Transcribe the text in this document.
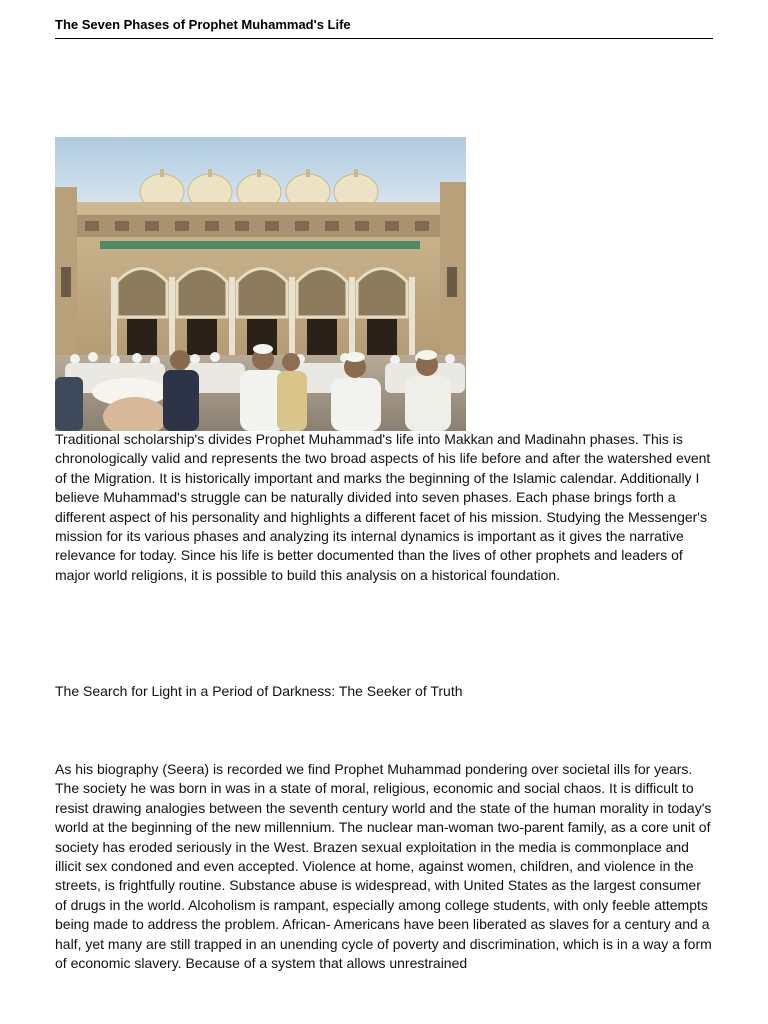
The Seven Phases of Prophet Muhammad's Life

Traditional scholarship's divides Prophet Muhammad's life into Makkan and Madinahn phases. This is chronologically valid and represents the two broad aspects of his life before and after the watershed event of the Migration. It is historically important and marks the beginning of the Islamic calendar. Additionally I believe Muhammad's struggle can be naturally divided into seven phases. Each phase brings forth a different aspect of his personality and highlights a different facet of his mission. Studying the Messenger's mission for its various phases and analyzing its internal dynamics is important as it gives the narrative relevance for today. Since his life is better documented than the lives of other prophets and leaders of major world religions, it is possible to build this analysis on a historical foundation.

The Search for Light in a Period of Darkness: The Seeker of Truth

As his biography (Seera) is recorded we find Prophet Muhammad pondering over societal ills for years. The society he was born in was in a state of moral, religious, economic and social chaos. It is difficult to resist drawing analogies between the seventh century world and the state of the human morality in today's world at the beginning of the new millennium. The nuclear man-woman two-parent family, as a core unit of society has eroded seriously in the West. Brazen sexual exploitation in the media is commonplace and illicit sex condoned and even accepted. Violence at home, against women, children, and violence in the streets, is frightfully routine. Substance abuse is widespread, with United States as the largest consumer of drugs in the world. Alcoholism is rampant, especially among college students, with only feeble attempts being made to address the problem. African- Americans have been liberated as slaves for a century and a half, yet many are still trapped in an unending cycle of poverty and discrimination, which is in a way a form of economic slavery. Because of a system that allows unrestrained
